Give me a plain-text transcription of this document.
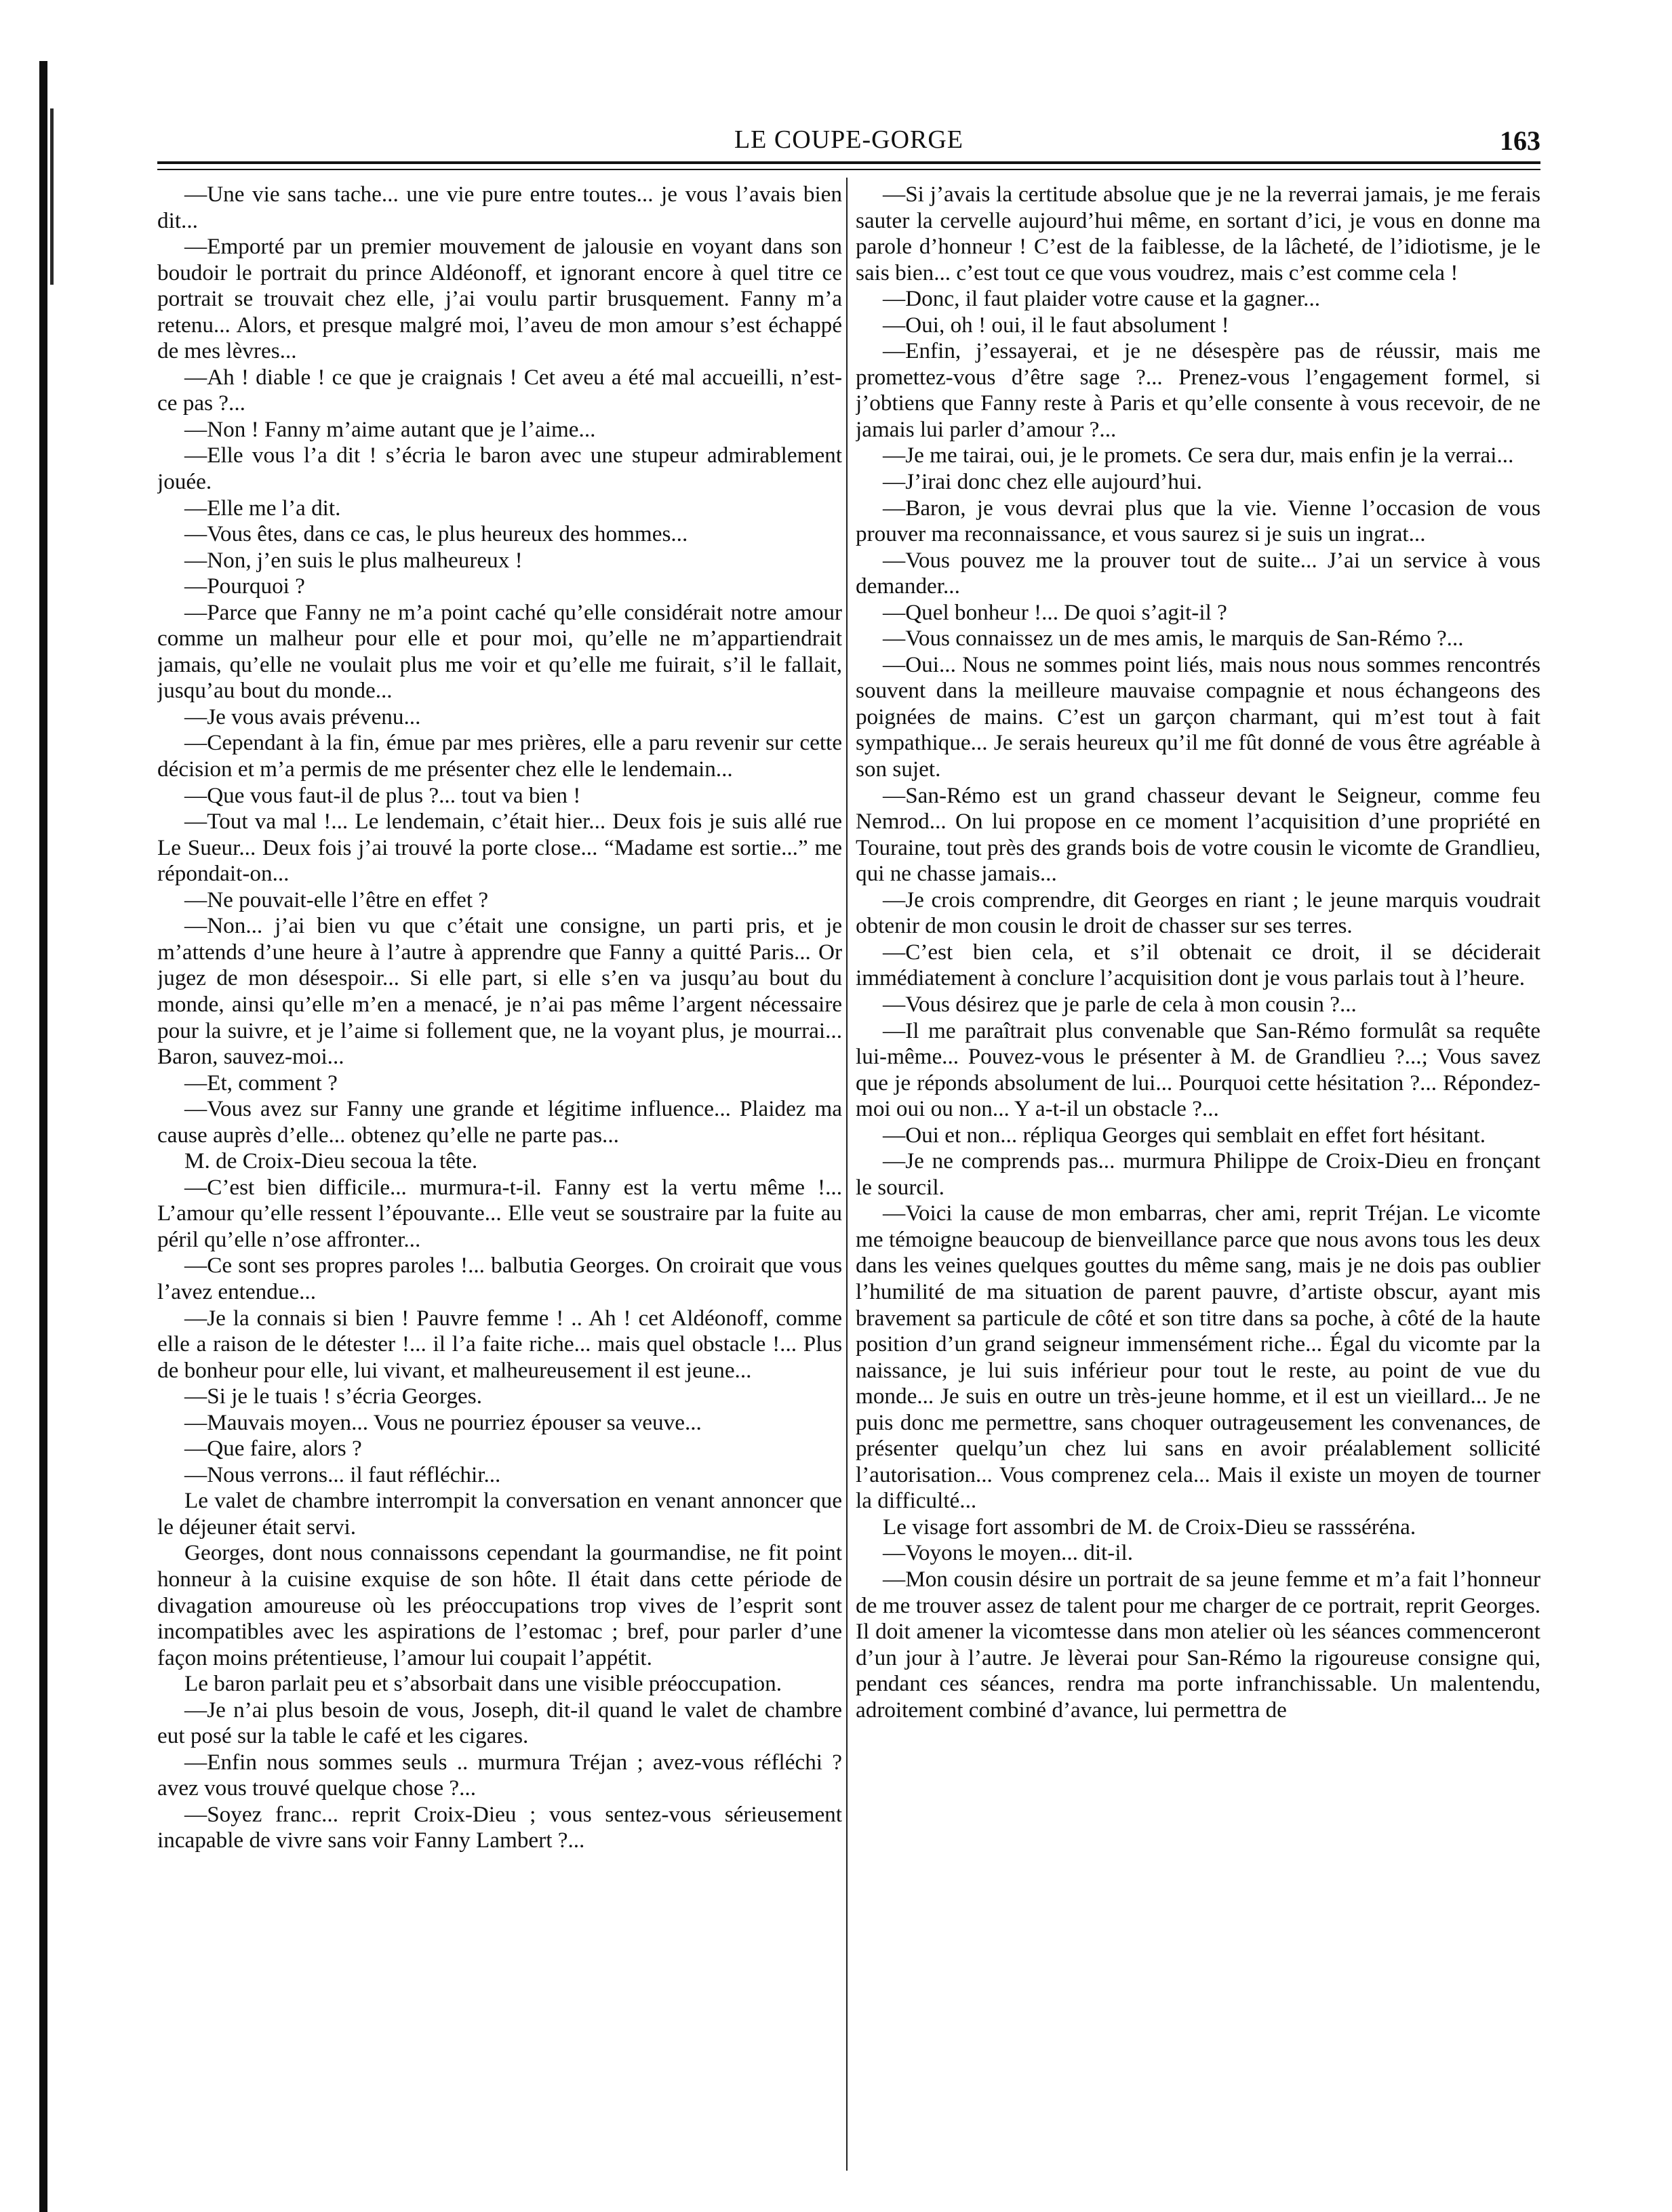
LE COUPE-GORGE	163

—Une vie sans tache... une vie pure entre toutes... je vous l’avais bien dit...

—Emporté par un premier mouvement de jalousie en voyant dans son boudoir le portrait du prince Aldéonoff, et ignorant encore à quel titre ce portrait se trouvait chez elle, j’ai voulu partir brusquement. Fanny m’a retenu... Alors, et presque malgré moi, l’aveu de mon amour s’est échappé de mes lèvres...

—Ah ! diable ! ce que je craignais ! Cet aveu a été mal accueilli, n’est-ce pas ?...

—Non ! Fanny m’aime autant que je l’aime...

—Elle vous l’a dit ! s’écria le baron avec une stupeur admirablement jouée.

—Elle me l’a dit.

—Vous êtes, dans ce cas, le plus heureux des hommes...

—Non, j’en suis le plus malheureux !

—Pourquoi ?

—Parce que Fanny ne m’a point caché qu’elle considérait notre amour comme un malheur pour elle et pour moi, qu’elle ne m’appartiendrait jamais, qu’elle ne voulait plus me voir et qu’elle me fuirait, s’il le fallait, jusqu’au bout du monde...

—Je vous avais prévenu...

—Cependant à la fin, émue par mes prières, elle a paru revenir sur cette décision et m’a permis de me présenter chez elle le lendemain...

—Que vous faut-il de plus ?... tout va bien !

—Tout va mal !... Le lendemain, c’était hier... Deux fois je suis allé rue Le Sueur... Deux fois j’ai trouvé la porte close... “Madame est sortie...” me répondait-on...

—Ne pouvait-elle l’être en effet ?

—Non... j’ai bien vu que c’était une consigne, un parti pris, et je m’attends d’une heure à l’autre à apprendre que Fanny a quitté Paris... Or jugez de mon désespoir... Si elle part, si elle s’en va jusqu’au bout du monde, ainsi qu’elle m’en a menacé, je n’ai pas même l’argent nécessaire pour la suivre, et je l’aime si follement que, ne la voyant plus, je mourrai... Baron, sauvez-moi...

—Et, comment ?

—Vous avez sur Fanny une grande et légitime influence... Plaidez ma cause auprès d’elle... obtenez qu’elle ne parte pas...

M. de Croix-Dieu secoua la tête.

—C’est bien difficile... murmura-t-il. Fanny est la vertu même !... L’amour qu’elle ressent l’épouvante... Elle veut se soustraire par la fuite au péril qu’elle n’ose affronter...

—Ce sont ses propres paroles !... balbutia Georges. On croirait que vous l’avez entendue...

—Je la connais si bien ! Pauvre femme ! .. Ah ! cet Aldéonoff, comme elle a raison de le détester !... il l’a faite riche... mais quel obstacle !... Plus de bonheur pour elle, lui vivant, et malheureusement il est jeune...

—Si je le tuais ! s’écria Georges.

—Mauvais moyen... Vous ne pourriez épouser sa veuve...

—Que faire, alors ?

—Nous verrons... il faut réfléchir...

Le valet de chambre interrompit la conversation en venant annoncer que le déjeuner était servi.

Georges, dont nous connaissons cependant la gourmandise, ne fit point honneur à la cuisine exquise de son hôte. Il était dans cette période de divagation amoureuse où les préoccupations trop vives de l’esprit sont incompatibles avec les aspirations de l’estomac ; bref, pour parler d’une façon moins prétentieuse, l’amour lui coupait l’appétit.

Le baron parlait peu et s’absorbait dans une visible préoccupation.

—Je n’ai plus besoin de vous, Joseph, dit-il quand le valet de chambre eut posé sur la table le café et les cigares.

—Enfin nous sommes seuls .. murmura Tréjan ; avez-vous réfléchi ? avez vous trouvé quelque chose ?...

—Soyez franc... reprit Croix-Dieu ; vous sentez-vous sérieusement incapable de vivre sans voir Fanny Lambert ?...

—Si j’avais la certitude absolue que je ne la reverrai jamais, je me ferais sauter la cervelle aujourd’hui même, en sortant d’ici, je vous en donne ma parole d’honneur ! C’est de la faiblesse, de la lâcheté, de l’idiotisme, je le sais bien... c’est tout ce que vous voudrez, mais c’est comme cela !

—Donc, il faut plaider votre cause et la gagner...

—Oui, oh ! oui, il le faut absolument !

—Enfin, j’essayerai, et je ne désespère pas de réussir, mais me promettez-vous d’être sage ?... Prenez-vous l’engagement formel, si j’obtiens que Fanny reste à Paris et qu’elle consente à vous recevoir, de ne jamais lui parler d’amour ?...

—Je me tairai, oui, je le promets. Ce sera dur, mais enfin je la verrai...

—J’irai donc chez elle aujourd’hui.

—Baron, je vous devrai plus que la vie. Vienne l’occasion de vous prouver ma reconnaissance, et vous saurez si je suis un ingrat...

—Vous pouvez me la prouver tout de suite... J’ai un service à vous demander...

—Quel bonheur !... De quoi s’agit-il ?

—Vous connaissez un de mes amis, le marquis de San-Rémo ?...

—Oui... Nous ne sommes point liés, mais nous nous sommes rencontrés souvent dans la meilleure mauvaise compagnie et nous échangeons des poignées de mains. C’est un garçon charmant, qui m’est tout à fait sympathique... Je serais heureux qu’il me fût donné de vous être agréable à son sujet.

—San-Rémo est un grand chasseur devant le Seigneur, comme feu Nemrod... On lui propose en ce moment l’acquisition d’une propriété en Touraine, tout près des grands bois de votre cousin le vicomte de Grandlieu, qui ne chasse jamais...

—Je crois comprendre, dit Georges en riant ; le jeune marquis voudrait obtenir de mon cousin le droit de chasser sur ses terres.

—C’est bien cela, et s’il obtenait ce droit, il se déciderait immédiatement à conclure l’acquisition dont je vous parlais tout à l’heure.

—Vous désirez que je parle de cela à mon cousin ?...

—Il me paraîtrait plus convenable que San-Rémo formulât sa requête lui-même... Pouvez-vous le présenter à M. de Grandlieu ?...; Vous savez que je réponds absolument de lui... Pourquoi cette hésitation ?... Répondez-moi oui ou non... Y a-t-il un obstacle ?...

—Oui et non... répliqua Georges qui semblait en effet fort hésitant.

—Je ne comprends pas... murmura Philippe de Croix-Dieu en fronçant le sourcil.

—Voici la cause de mon embarras, cher ami, reprit Tréjan. Le vicomte me témoigne beaucoup de bienveillance parce que nous avons tous les deux dans les veines quelques gouttes du même sang, mais je ne dois pas oublier l’humilité de ma situation de parent pauvre, d’artiste obscur, ayant mis bravement sa particule de côté et son titre dans sa poche, à côté de la haute position d’un grand seigneur immensément riche... Égal du vicomte par la naissance, je lui suis inférieur pour tout le reste, au point de vue du monde... Je suis en outre un très-jeune homme, et il est un vieillard... Je ne puis donc me permettre, sans choquer outrageusement les convenances, de présenter quelqu’un chez lui sans en avoir préalablement sollicité l’autorisation... Vous comprenez cela... Mais il existe un moyen de tourner la difficulté...

Le visage fort assombri de M. de Croix-Dieu se rassséréna.

—Voyons le moyen... dit-il.

—Mon cousin désire un portrait de sa jeune femme et m’a fait l’honneur de me trouver assez de talent pour me charger de ce portrait, reprit Georges. Il doit amener la vicomtesse dans mon atelier où les séances commenceront d’un jour à l’autre. Je lèverai pour San-Rémo la rigoureuse consigne qui, pendant ces séances, rendra ma porte infranchissable. Un malentendu, adroitement combiné d’avance, lui permettra de
